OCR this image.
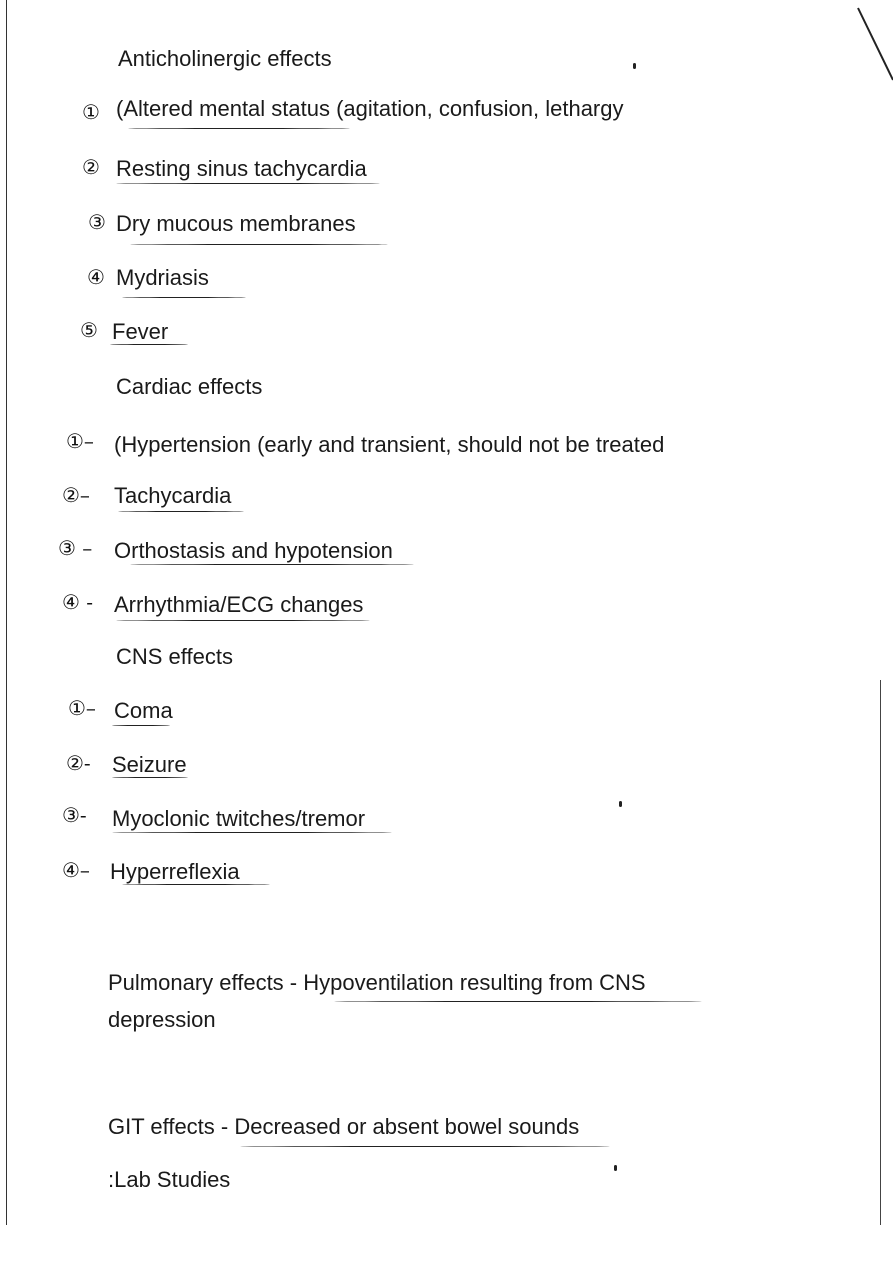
Anticholinergic effects
① (Altered mental status (agitation, confusion, lethargy
② Resting sinus tachycardia
③ Dry mucous membranes
④ Mydriasis
⑤ Fever
Cardiac effects
①– (Hypertension (early and transient, should not be treated
②– Tachycardia
③ – Orthostasis and hypotension
④ - Arrhythmia/ECG changes
CNS effects
①– Coma
②- Seizure
③- Myoclonic twitches/tremor
④– Hyperreflexia
Pulmonary effects - Hypoventilation resulting from CNS
depression
GIT effects - Decreased or absent bowel sounds
:Lab Studies
